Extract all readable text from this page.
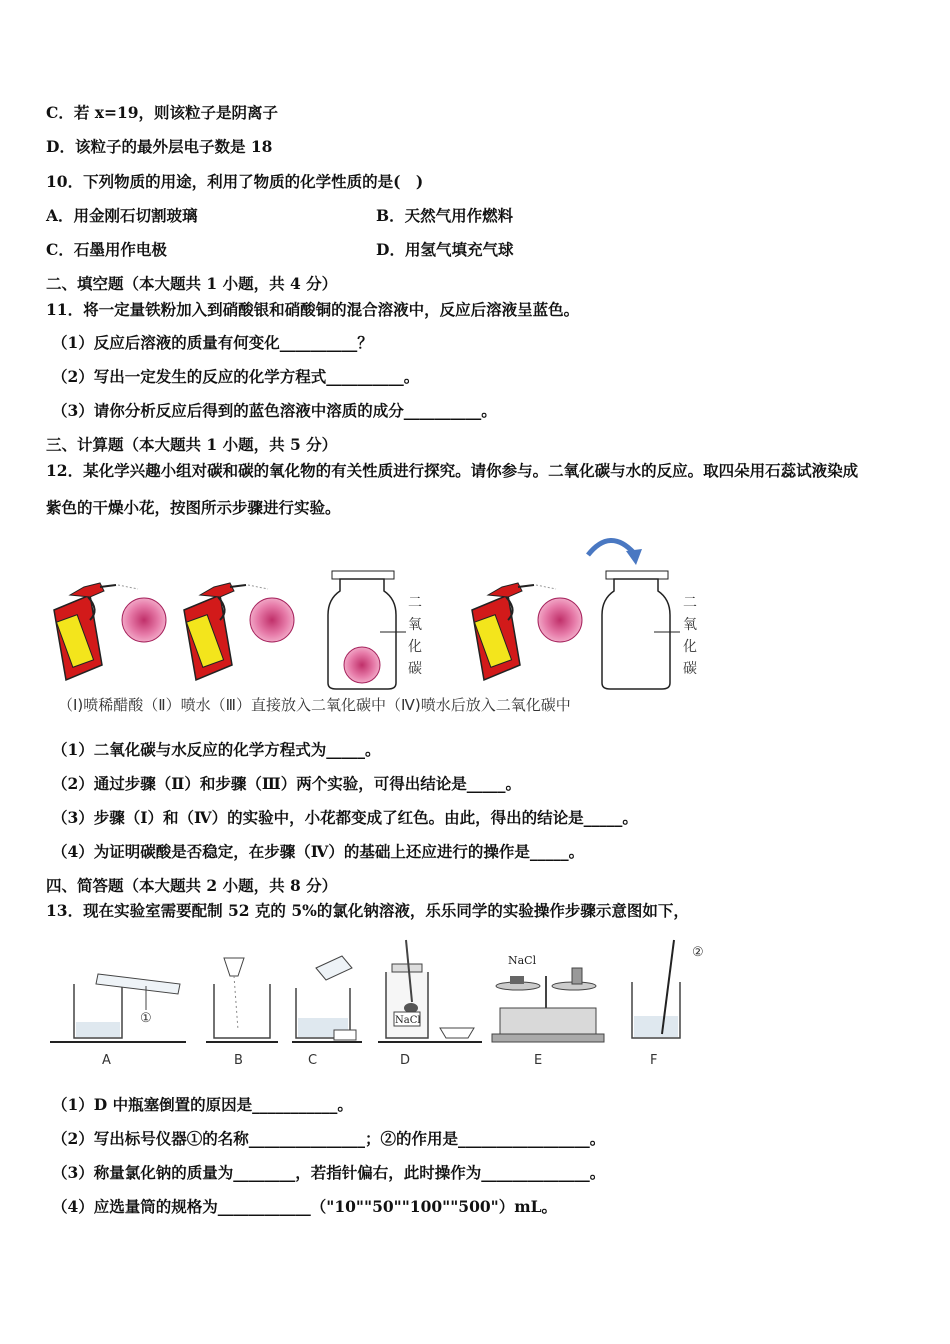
C．若 x=19，则该粒子是阴离子
D．该粒子的最外层电子数是 18
10．下列物质的用途，利用了物质的化学性质的是(　)
A．用金刚石切割玻璃	B．天然气用作燃料
C．石墨用作电极	D．用氢气填充气球
二、填空题（本大题共 1 小题，共 4 分）
11．将一定量铁粉加入到硝酸银和硝酸铜的混合溶液中，反应后溶液呈蓝色。
（1）反应后溶液的质量有何变化__________？
（2）写出一定发生的反应的化学方程式__________。
（3）请你分析反应后得到的蓝色溶液中溶质的成分__________。
三、计算题（本大题共 1 小题，共 5 分）
12．某化学兴趣小组对碳和碳的氧化物的有关性质进行探究。请你参与。二氧化碳与水的反应。取四朵用石蕊试液染成
紫色的干燥小花，按图所示步骤进行实验。
二
氧
化
碳
二
氧
化
碳
（Ⅰ)喷稀醋酸（Ⅱ）喷水（Ⅲ）直接放入二氧化碳中（Ⅳ)喷水后放入二氧化碳中
（1）二氧化碳与水反应的化学方程式为_____。
（2）通过步骤（Ⅱ）和步骤（Ⅲ）两个实验，可得出结论是_____。
（3）步骤（Ⅰ）和（Ⅳ）的实验中，小花都变成了红色。由此，得出的结论是_____。
（4）为证明碳酸是否稳定，在步骤（Ⅳ）的基础上还应进行的操作是_____。
四、简答题（本大题共 2 小题，共 8 分）
13．现在实验室需要配制 52 克的 5%的氯化钠溶液，乐乐同学的实验操作步骤示意图如下，
①	NaCl
NaCl
②
A	B	C	D	E	F
（1）D 中瓶塞倒置的原因是___________。
（2）写出标号仪器①的名称_______________；②的作用是_________________。
（3）称量氯化钠的质量为________，若指针偏右，此时操作为______________。
（4）应选量筒的规格为____________（"10""50""100""500"）mL。
